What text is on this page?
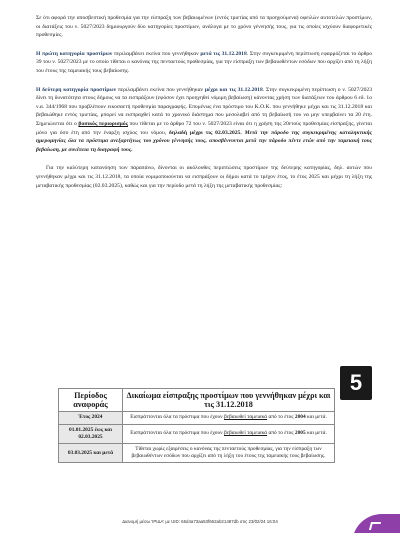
Σε ότι αφορά την αποσβεστική προθεσμία για την είσπραξη των βεβαιωμένων (εντός τριετίας από τα προηγούμενα) οφειλών αυτοτελών προστίμων, οι διατάξεις του ν. 5027/2023 δημιουργούν δύο κατηγορίες προστίμων, ανάλογα με το χρόνο γέννησής τους, για τις οποίες ισχύουν διαφορετικές προθεσμίες.

Η πρώτη κατηγορία προστίμων περιλαμβάνει εκείνα που γεννήθηκαν μετά τις 31.12.2018. Στην συγκεκριμένη περίπτωση εφαρμόζεται το άρθρο 39 του ν. 5027/2023 με το οποίο τίθεται ο κανόνας της πενταετούς προθεσμίας, για την είσπραξη των βεβαιωθέντων εσόδων που αρχίζει από τη λήξη του έτους της ταμειακής τους βεβαίωσης.

Η δεύτερη κατηγορία προστίμων περιλαμβάνει εκείνα που γεννήθηκαν μέχρι και τις 31.12.2018. Στην συγκεκριμένη περίπτωση ο ν. 5027/2023 δίνει τη δυνατότητα στους δήμους να τα εισπράξουν (εφόσον έχει προηγηθεί νόμιμη βεβαίωση) κάνοντας χρήση των διατάξεων του άρθρου 6 εδ. 1ο ν.α. 344/1968 που προβλέπουν εικοσαετή προθεσμία παραγραφής. Επομένως ένα πρόστιμο του Κ.Ο.Κ. που γεννήθηκε μέχρι και τις 31.12.2018 και βεβαιώθηκε εντός τριετίας, μπορεί να εισπραχθεί κατά το χρονικό διάστημα που μεσολαβεί από τη βεβαίωσή του να μην υπερβαίνει τα 20 έτη. Σημειώνεται ότι ο βασικός περιορισμός που τίθεται με το άρθρο 72 του ν. 5027/2023 είναι ότι η χρήση της 20ετούς προθεσμίας είσπραξης, γίνεται μόνο για όσο έτη από την έναρξη ισχύος του νόμου, δηλαδή μέχρι τις 02.03.2025. Μετά την πάροδο της συγκεκριμένης καταληκτικής ημερομηνίας όλα τα πρόστιμα ανεξαρτήτως του χρόνου γέννησής τους, αποσβέννυνται μετά την πάροδο πέντε ετών από την ταμειακή τους βεβαίωση, με συνέπεια τη διαγραφή τους.

Για την καλύτερη κατανόηση των παραπάνω, δίνονται οι ακόλουθες περιπτώσεις προστίμων της δεύτερης κατηγορίας, δηλ. αυτών που γεννήθηκαν μέχρι και τις 31.12.2018, τα οποία νομιμοποιούνται να εισπράξουν οι δήμοι κατά το τρέχον έτος, το έτος 2025 και μέχρι τη λήξη της μεταβατικής προθεσμίας (02.03.2025), καθώς και για την περίοδο μετά τη λήξη της μεταβατικής προθεσμίας:

5
Περίοδος αναφοράς	Δικαίωμα είσπραξης προστίμων που γεννήθηκαν μέχρι και τις 31.12.2018
Έτος 2024	Εισπράττονται όλα τα πρόστιμα που έχουν βεβαιωθεί ταμειακά από το έτος 2004 και μετά.
01.01.2025 έως και 02.03.2025	Εισπράττονται όλα τα πρόστιμα που έχουν βεβαιωθεί ταμειακά από το έτος 2005 και μετά.
03.03.2025 και μετά	Τίθεται χωρίς εξαιρέσεις ο κανόνας της πενταετούς προθεσμίας, για την είσπραξη των βεβαιωθέντων εσόδων που αρχίζει από τη λήξη του έτους της ταμειακής τους βεβαίωσης.
Διανομή μέσω 'ΙΡΙΔΑ' με UID: 65d4a73aa53f662ab21487db στις 23/02/24 16:04
